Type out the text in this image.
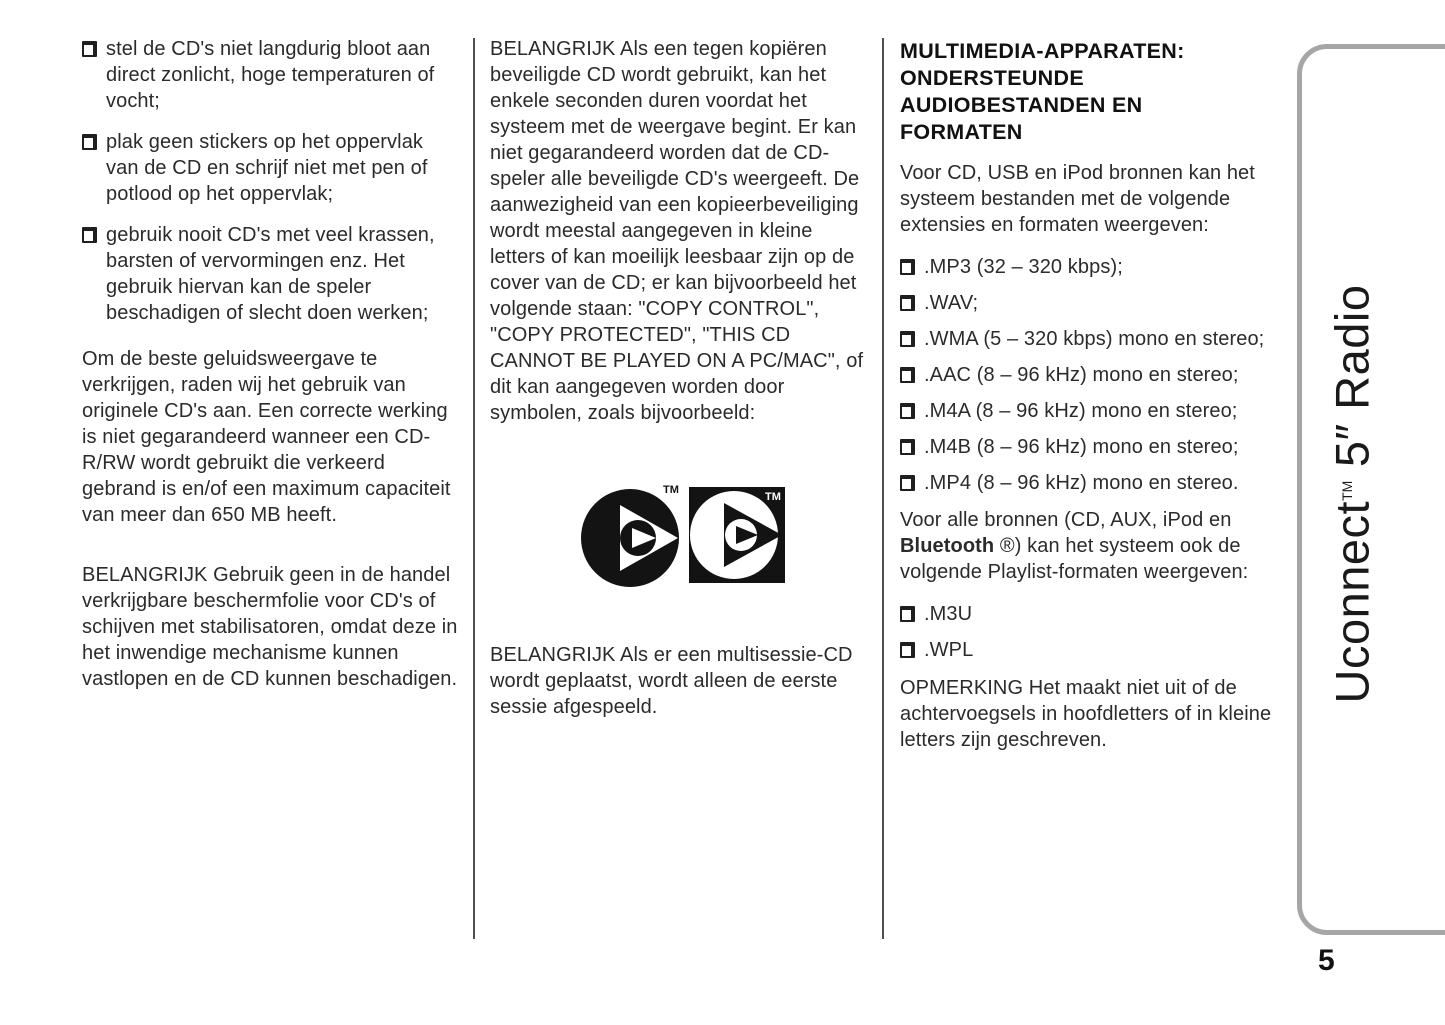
stel de CD's niet langdurig bloot aan direct zonlicht, hoge temperaturen of vocht;
plak geen stickers op het oppervlak van de CD en schrijf niet met pen of potlood op het oppervlak;
gebruik nooit CD's met veel krassen, barsten of vervormingen enz. Het gebruik hiervan kan de speler beschadigen of slecht doen werken;

Om de beste geluidsweergave te verkrijgen, raden wij het gebruik van originele CD's aan. Een correcte werking is niet gegarandeerd wanneer een CD-R/RW wordt gebruikt die verkeerd gebrand is en/of een maximum capaciteit van meer dan 650 MB heeft.

BELANGRIJK Gebruik geen in de handel verkrijgbare beschermfolie voor CD's of schijven met stabilisatoren, omdat deze in het inwendige mechanisme kunnen vastlopen en de CD kunnen beschadigen.

BELANGRIJK Als een tegen kopiëren beveiligde CD wordt gebruikt, kan het enkele seconden duren voordat het systeem met de weergave begint. Er kan niet gegarandeerd worden dat de CD-speler alle beveiligde CD's weergeeft. De aanwezigheid van een kopieerbeveiliging wordt meestal aangegeven in kleine letters of kan moeilijk leesbaar zijn op de cover van de CD; er kan bijvoorbeeld het volgende staan: "COPY CONTROL", "COPY PROTECTED", "THIS CD CANNOT BE PLAYED ON A PC/MAC", of dit kan aangegeven worden door symbolen, zoals bijvoorbeeld:

TM
TM

BELANGRIJK Als er een multisessie-CD wordt geplaatst, wordt alleen de eerste sessie afgespeeld.

MULTIMEDIA-APPARATEN:
ONDERSTEUNDE
AUDIOBESTANDEN EN
FORMATEN

Voor CD, USB en iPod bronnen kan het systeem bestanden met de volgende extensies en formaten weergeven:

.MP3 (32 – 320 kbps);
.WAV;
.WMA (5 – 320 kbps) mono en stereo;
.AAC (8 – 96 kHz) mono en stereo;
.M4A (8 – 96 kHz) mono en stereo;
.M4B (8 – 96 kHz) mono en stereo;
.MP4 (8 – 96 kHz) mono en stereo.

Voor alle bronnen (CD, AUX, iPod en Bluetooth ®) kan het systeem ook de volgende Playlist-formaten weergeven:

.M3U
.WPL

OPMERKING Het maakt niet uit of de achtervoegsels in hoofdletters of in kleine letters zijn geschreven.

Uconnect™ 5″ Radio
5
